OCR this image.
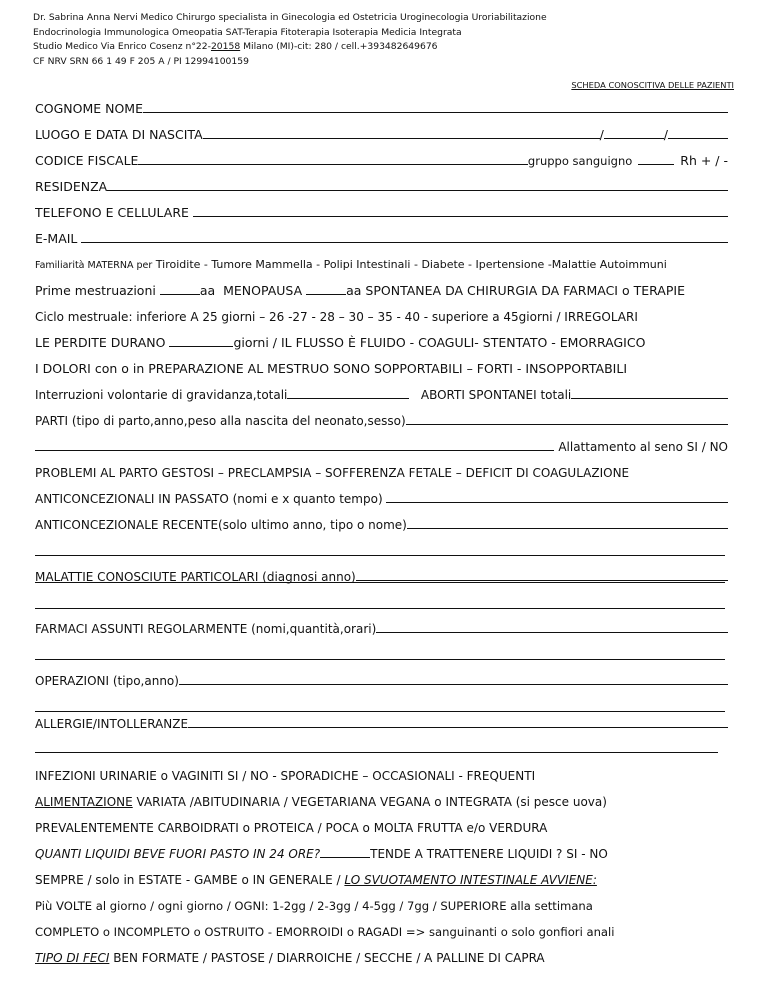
Dr. Sabrina Anna Nervi Medico Chirurgo specialista in Ginecologia ed Ostetricia Uroginecologia Uroriabilitazione
Endocrinologia Immunologica Omeopatia SAT-Terapia Fitoterapia Isoterapia Medicia Integrata
Studio Medico Via Enrico Cosenz n°22-20158 Milano (MI)-cit: 280 / cell.+393482649676
CF NRV SRN 66 1 49 F 205 A / PI 12994100159
SCHEDA CONOSCITIVA DELLE PAZIENTI
COGNOME NOME
LUOGO E DATA DI NASCITA	/	/
CODICE FISCALE	gruppo sanguigno	Rh + / -
RESIDENZA
TELEFONO E CELLULARE

E-MAIL

Familiarità MATERNA per Tiroidite - Tumore Mammella - Polipi Intestinali - Diabete - Ipertensione -Malattie Autoimmuni
Prime mestruazioni	aa MENOPAUSA	aa SPONTANEA DA CHIRURGIA DA FARMACI o TERAPIE
Ciclo mestruale: inferiore A 25 giorni – 26 -27 - 28 – 30 – 35 - 40 - superiore a 45giorni / IRREGOLARI
LE PERDITE DURANO	giorni / IL FLUSSO È FLUIDO - COAGULI- STENTATO - EMORRAGICO
I DOLORI con o in PREPARAZIONE AL MESTRUO SONO SOPPORTABILI – FORTI - INSOPPORTABILI
Interruzioni volontarie di gravidanza,totali
	ABORTI SPONTANEI totali
PARTI (tipo di parto,anno,peso alla nascita del neonato,sesso)

Allattamento al seno SI / NO
PROBLEMI AL PARTO GESTOSI – PRECLAMPSIA – SOFFERENZA FETALE – DEFICIT DI COAGULAZIONE
ANTICONCEZIONALI IN PASSATO (nomi e x quanto tempo)

ANTICONCEZIONALE RECENTE(solo ultimo anno, tipo o nome)
MALATTIE CONOSCIUTE PARTICOLARI (diagnosi anno)
FARMACI ASSUNTI REGOLARMENTE (nomi,quantità,orari)
OPERAZIONI (tipo,anno)
ALLERGIE/INTOLLERANZE
INFEZIONI URINARIE o VAGINITI SI / NO - SPORADICHE – OCCASIONALI - FREQUENTI
ALIMENTAZIONE VARIATA /ABITUDINARIA / VEGETARIANA VEGANA o INTEGRATA (si pesce uova)
PREVALENTEMENTE CARBOIDRATI o PROTEICA / POCA o MOLTA FRUTTA e/o VERDURA
QUANTI LIQUIDI BEVE FUORI PASTO IN 24 ORE?	TENDE A TRATTENERE LIQUIDI ? SI - NO
SEMPRE / solo in ESTATE - GAMBE o IN GENERALE / LO SVUOTAMENTO INTESTINALE AVVIENE:
Più VOLTE al giorno / ogni giorno / OGNI: 1-2gg / 2-3gg / 4-5gg / 7gg / SUPERIORE alla settimana
COMPLETO o INCOMPLETO o OSTRUITO - EMORROIDI o RAGADI => sanguinanti o solo gonfiori anali
TIPO DI FECI BEN FORMATE / PASTOSE / DIARROICHE / SECCHE / A PALLINE DI CAPRA
